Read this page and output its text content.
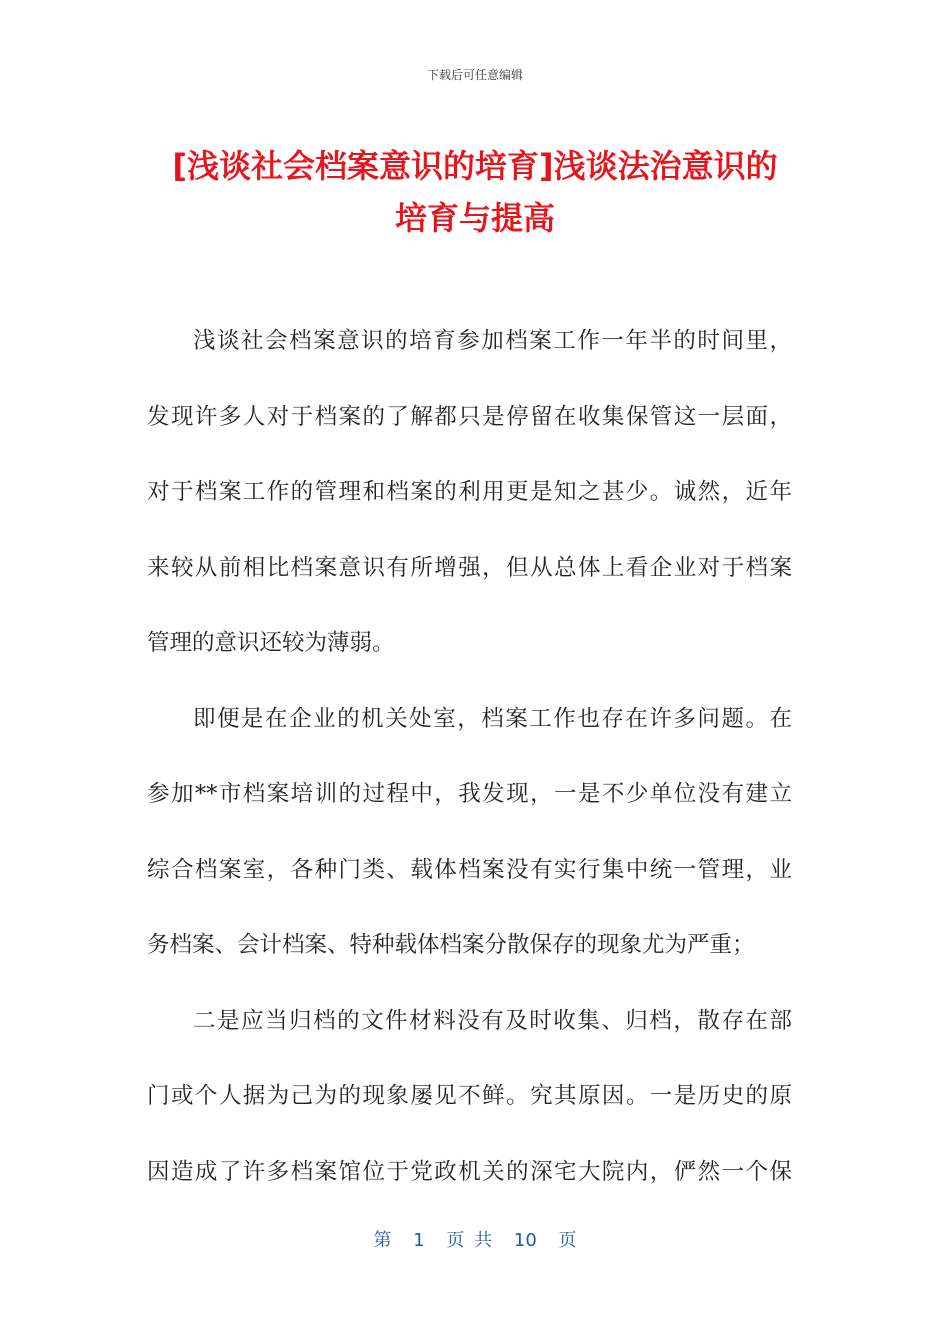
下载后可任意编辑
[浅谈社会档案意识的培育]浅谈法治意识的
培育与提高
浅谈社会档案意识的培育参加档案工作一年半的时间里，
发现许多人对于档案的了解都只是停留在收集保管这一层面，
对于档案工作的管理和档案的利用更是知之甚少。诚然，近年
来较从前相比档案意识有所增强，但从总体上看企业对于档案
管理的意识还较为薄弱。
即便是在企业的机关处室，档案工作也存在许多问题。在
参加**市档案培训的过程中，我发现，一是不少单位没有建立
综合档案室，各种门类、载体档案没有实行集中统一管理，业
务档案、会计档案、特种载体档案分散保存的现象尤为严重；
二是应当归档的文件材料没有及时收集、归档，散存在部
门或个人据为己为的现象屡见不鲜。究其原因。一是历史的原
因造成了许多档案馆位于党政机关的深宅大院内，俨然一个保
第 1 页 共 10 页
